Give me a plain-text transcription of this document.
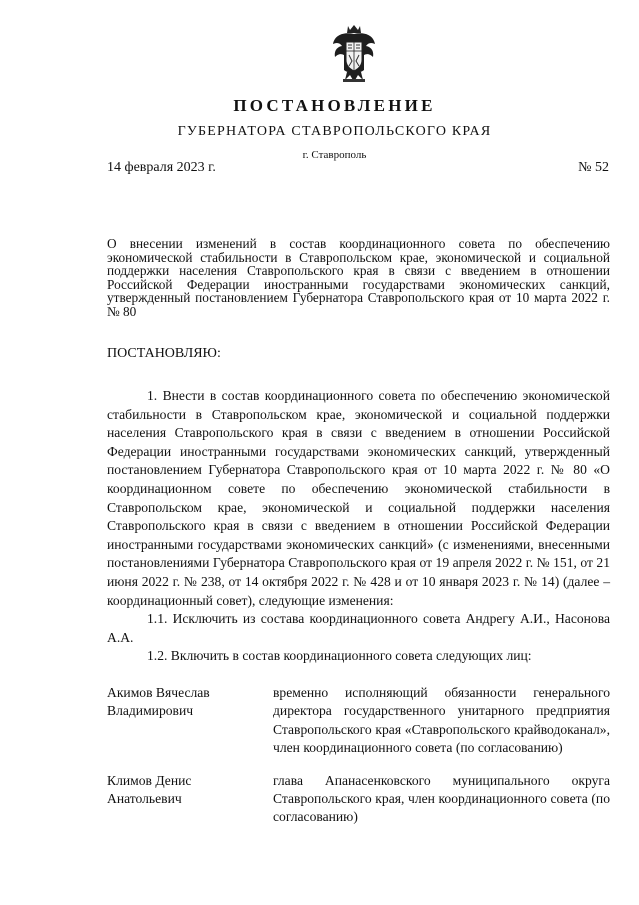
ПОСТАНОВЛЕНИЕ
ГУБЕРНАТОРА СТАВРОПОЛЬСКОГО КРАЯ
г. Ставрополь
14 февраля 2023 г.	№ 52
О внесении изменений в состав координационного совета по обеспечению экономической стабильности в Ставропольском крае, экономической и социальной поддержки населения Ставропольского края в связи с введением в отношении Российской Федерации иностранными государствами экономических санкций, утвержденный постановлением Губернатора Ставропольского края от 10 марта 2022 г. № 80
ПОСТАНОВЛЯЮ:

1. Внести в состав координационного совета по обеспечению экономической стабильности в Ставропольском крае, экономической и социальной поддержки населения Ставропольского края в связи с введением в отношении Российской Федерации иностранными государствами экономических санкций, утвержденный постановлением Губернатора Ставропольского края от 10 марта 2022 г. № 80 «О координационном совете по обеспечению экономической стабильности в Ставропольском крае, экономической и социальной поддержки населения Ставропольского края в связи с введением в отношении Российской Федерации иностранными государствами экономических санкций» (с изменениями, внесенными постановлениями Губернатора Ставропольского края от 19 апреля 2022 г. № 151, от 21 июня 2022 г. № 238, от 14 октября 2022 г. № 428 и от 10 января 2023 г. № 14) (далее – координационный совет), следующие изменения:

1.1. Исключить из состава координационного совета Андрегу А.И., Насонова А.А.

1.2. Включить в состав координационного совета следующих лиц:

Акимов Вячеслав
Владимирович
временно исполняющий обязанности генерального директора государственного унитарного предприятия Ставропольского края «Ставропольского крайводоканал», член координационного совета (по согласованию)
Климов Денис
Анатольевич
глава Апанасенковского муниципального округа Ставропольского края, член координационного совета (по согласованию)
